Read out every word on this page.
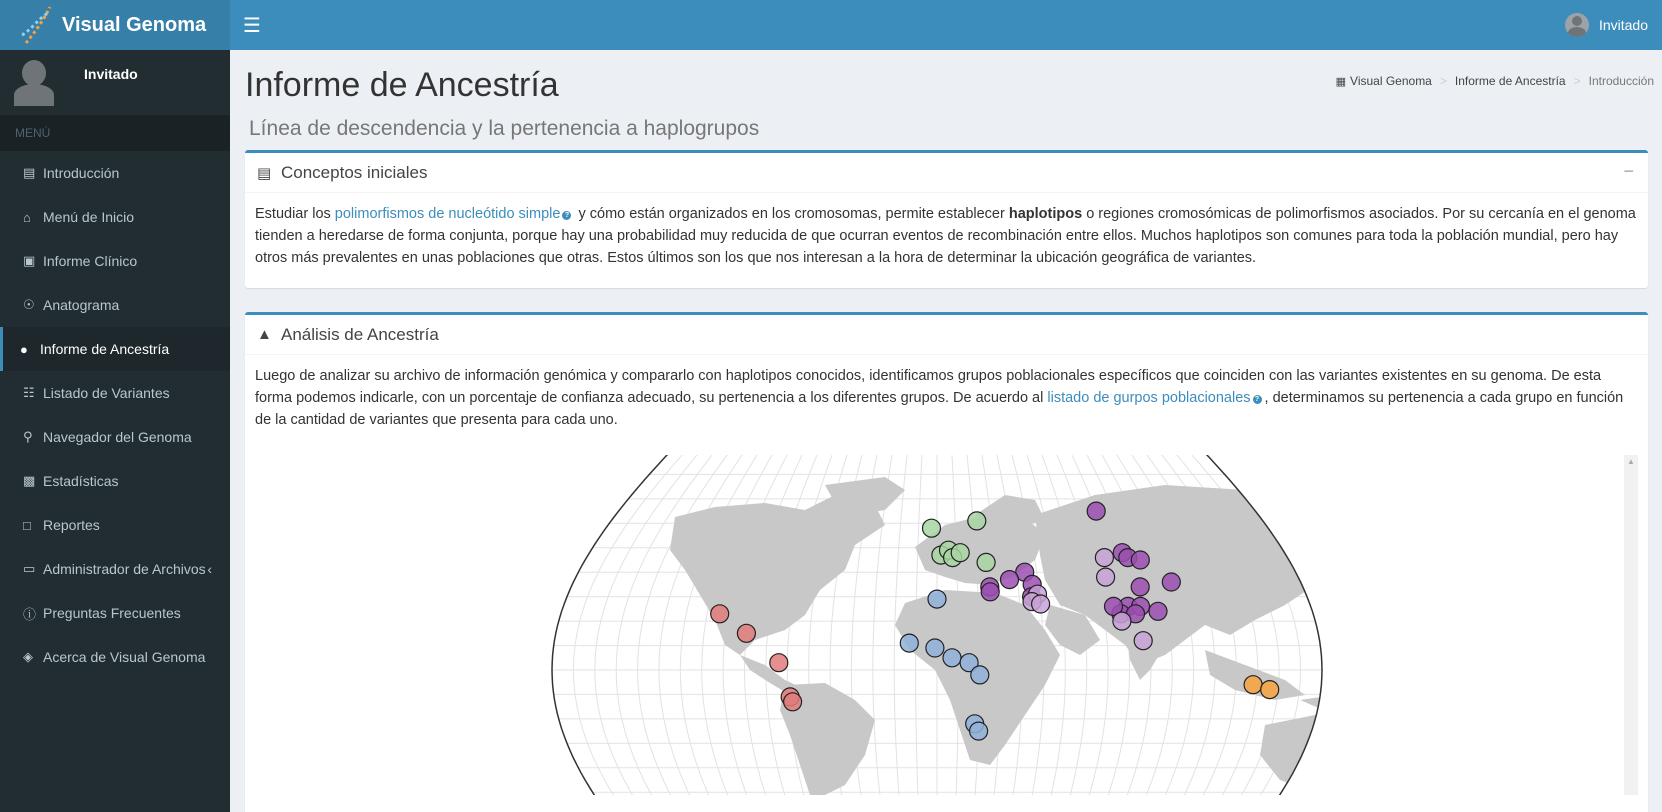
Visual Genoma ☰	Invitado
Invitado
MENÚ
▤ Introducción
⌂ Menú de Inicio
▣ Informe Clínico
☉ Anatograma
● Informe de Ancestría
☷ Listado de Variantes
⚲ Navegador del Genoma
▩ Estadísticas
□ Reportes
▭ Administrador de Archivos ‹
ⓘ Preguntas Frecuentes
◈ Acerca de Visual Genoma
Informe de Ancestría
Línea de descendencia y la pertenencia a haplogrupos
▦ Visual Genoma > Informe de Ancestría > Introducción
▤ Conceptos iniciales	−
Estudiar los polimorfismos de nucleótido simple ? y cómo están organizados en los cromosomas, permite establecer haplotipos o regiones cromosómicas de polimorfismos asociados. Por su cercanía en el genoma tienden a heredarse de forma conjunta, porque hay una probabilidad muy reducida de que ocurran eventos de recombinación entre ellos. Muchos haplotipos son comunes para toda la población mundial, pero hay otros más prevalentes en unas poblaciones que otras. Estos últimos son los que nos interesan a la hora de determinar la ubicación geográfica de variantes.
▲ Análisis de Ancestría
Luego de analizar su archivo de información genómica y compararlo con haplotipos conocidos, identificamos grupos poblacionales específicos que coinciden con las variantes existentes en su genoma. De esta forma podemos indicarle, con un porcentaje de confianza adecuado, su pertenencia a los diferentes grupos. De acuerdo al listado de gurpos poblacionales ? , determinamos su pertenencia a cada grupo en función de la cantidad de variantes que presenta para cada uno.
▲
